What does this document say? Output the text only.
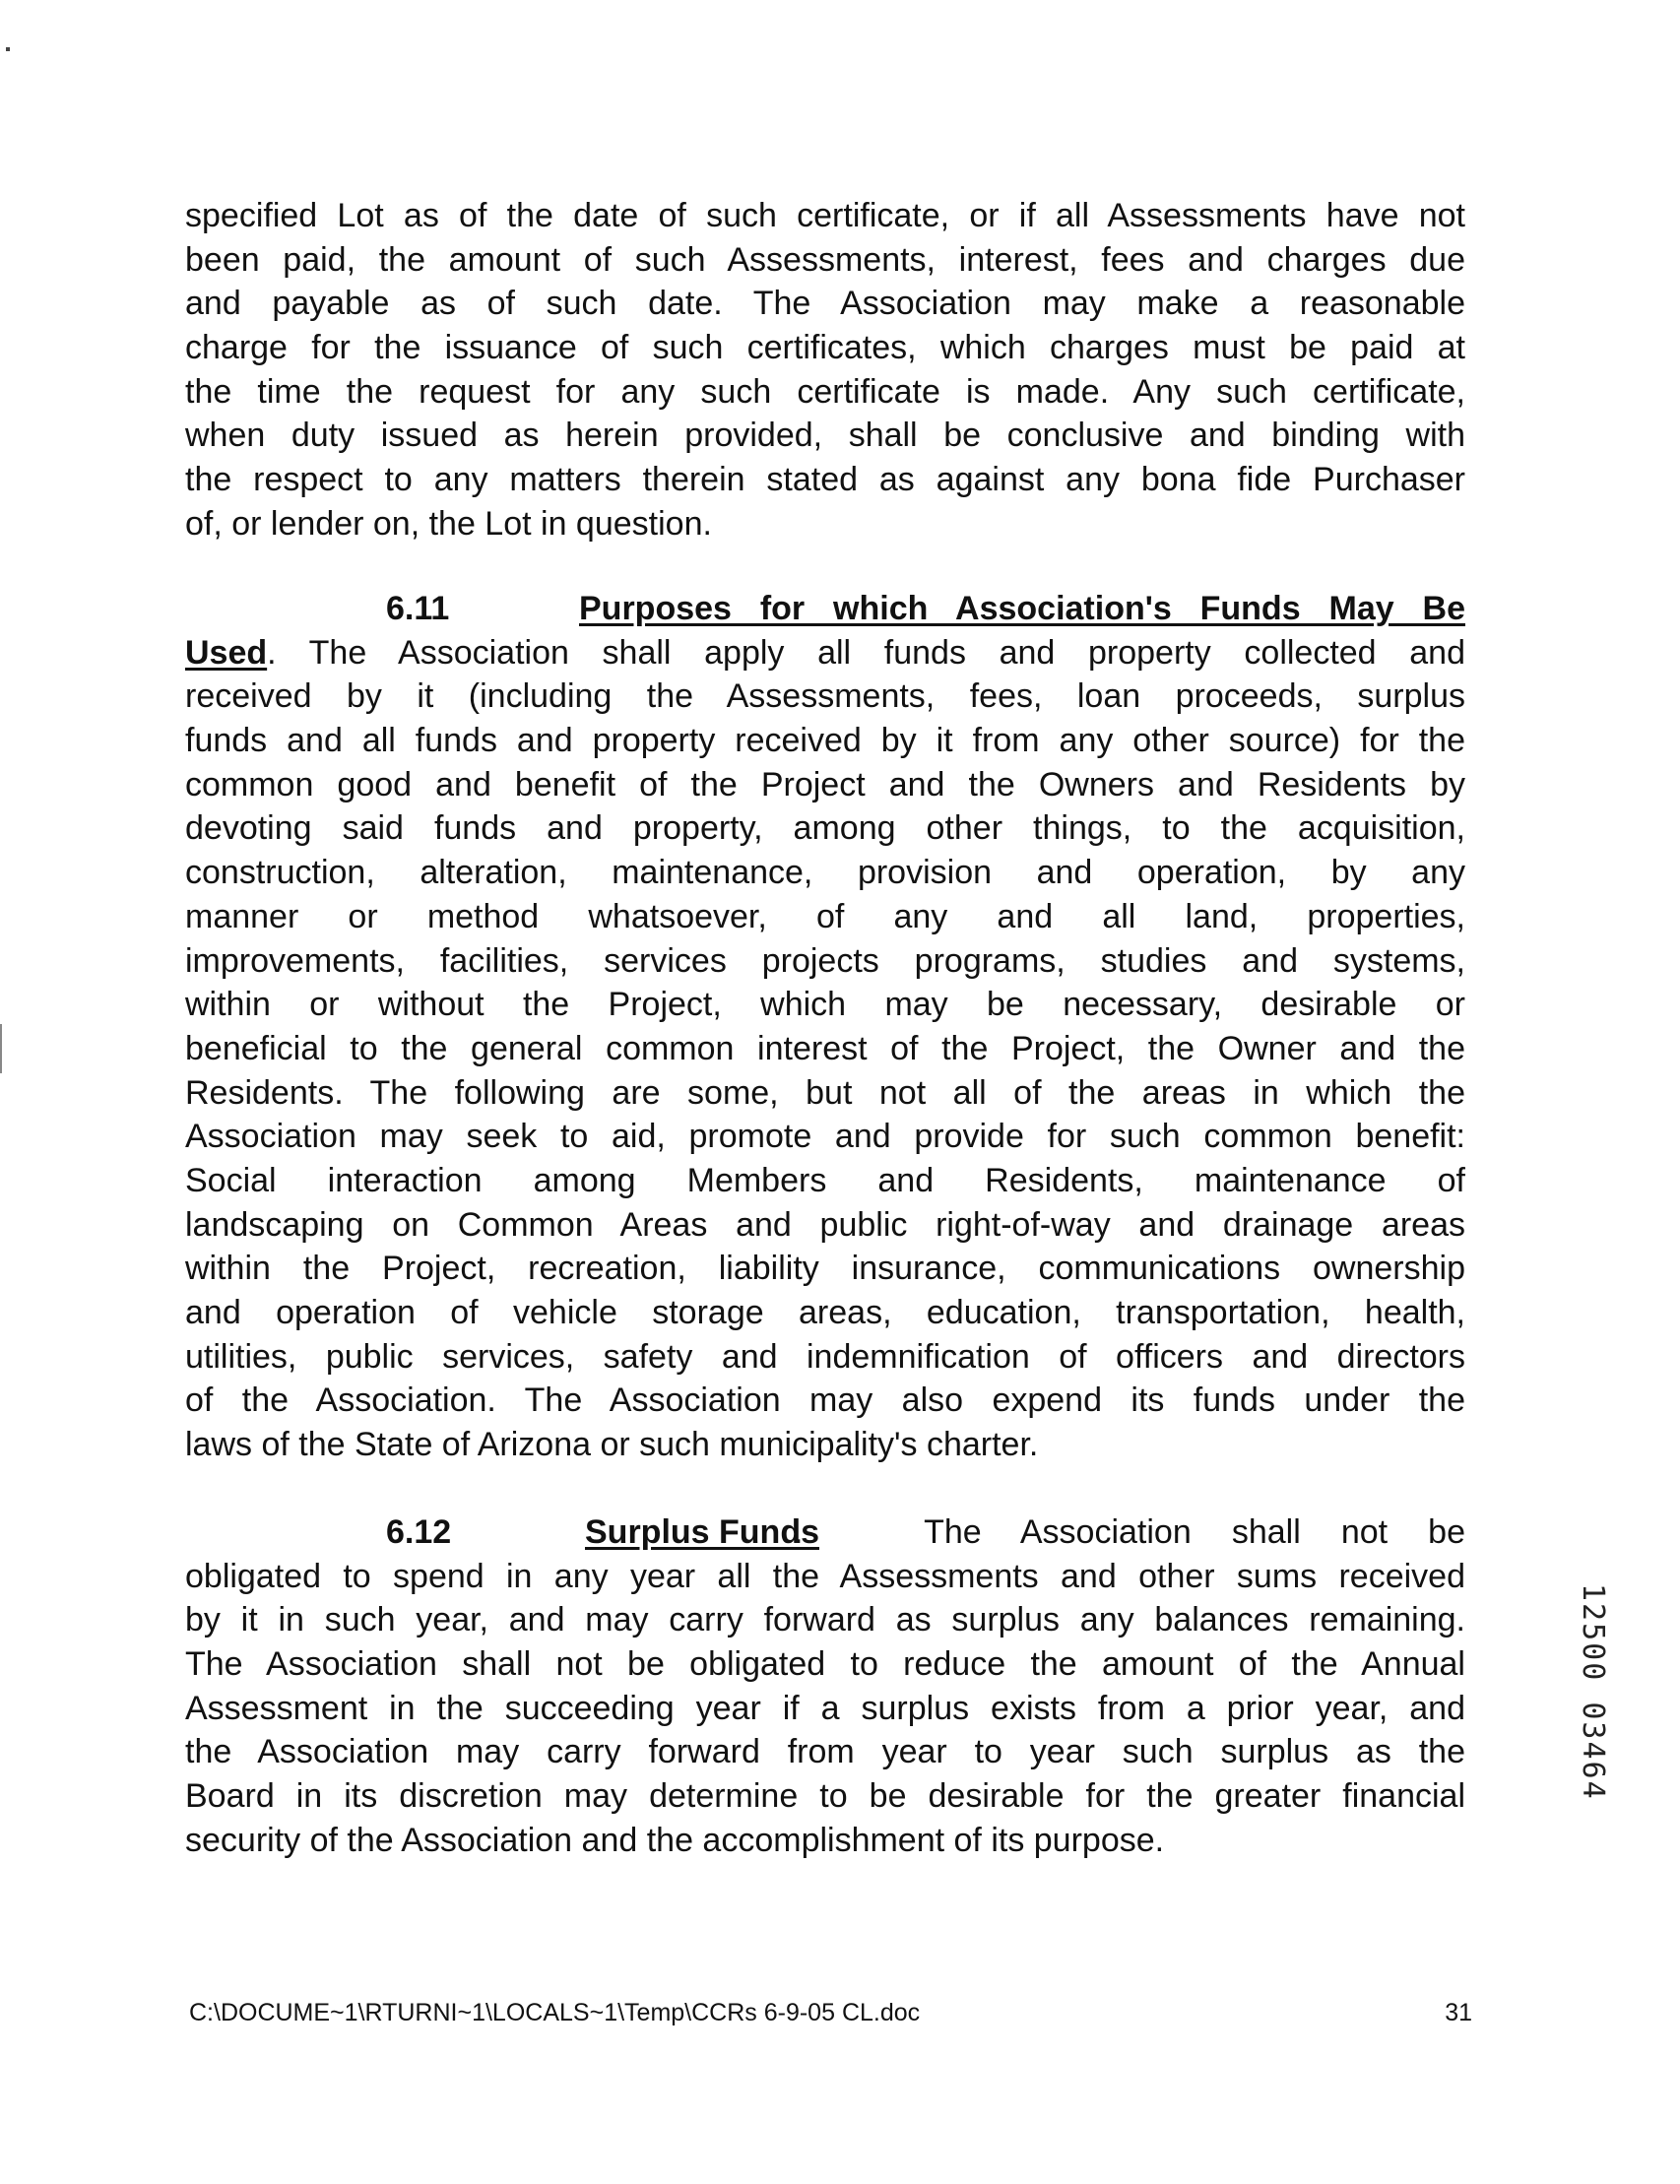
specified Lot as of the date of such certificate, or if all Assessments have not
been paid, the amount of such Assessments, interest, fees and charges due
and payable as of such date. The Association may make a reasonable
charge for the issuance of such certificates, which charges must be paid at
the time the request for any such certificate is made. Any such certificate,
when duty issued as herein provided, shall be conclusive and binding with
the respect to any matters therein stated as against any bona fide Purchaser
of, or lender on, the Lot in question.
6.11	Purposes for which Association's Funds May Be
Used. The Association shall apply all funds and property collected and
received by it (including the Assessments, fees, loan proceeds, surplus
funds and all funds and property received by it from any other source) for the
common good and benefit of the Project and the Owners and Residents by
devoting said funds and property, among other things, to the acquisition,
construction, alteration, maintenance, provision and operation, by any
manner or method whatsoever, of any and all land, properties,
improvements, facilities, services projects programs, studies and systems,
within or without the Project, which may be necessary, desirable or
beneficial to the general common interest of the Project, the Owner and the
Residents. The following are some, but not all of the areas in which the
Association may seek to aid, promote and provide for such common benefit:
Social interaction among Members and Residents, maintenance of
landscaping on Common Areas and public right-of-way and drainage areas
within the Project, recreation, liability insurance, communications ownership
and operation of vehicle storage areas, education, transportation, health,
utilities, public services, safety and indemnification of officers and directors
of the Association. The Association may also expend its funds under the
laws of the State of Arizona or such municipality's charter.
6.12	Surplus Funds
.   The Association shall not be
obligated to spend in any year all the Assessments and other sums received
by it in such year, and may carry forward as surplus any balances remaining.
The Association shall not be obligated to reduce the amount of the Annual
Assessment in the succeeding year if a surplus exists from a prior year, and
the Association may carry forward from year to year such surplus as the
Board in its discretion may determine to be desirable for the greater financial
security of the Association and the accomplishment of its purpose.
C:\DOCUME~1\RTURNI~1\LOCALS~1\Temp\CCRs 6-9-05 CL.doc	31
12500 03464
